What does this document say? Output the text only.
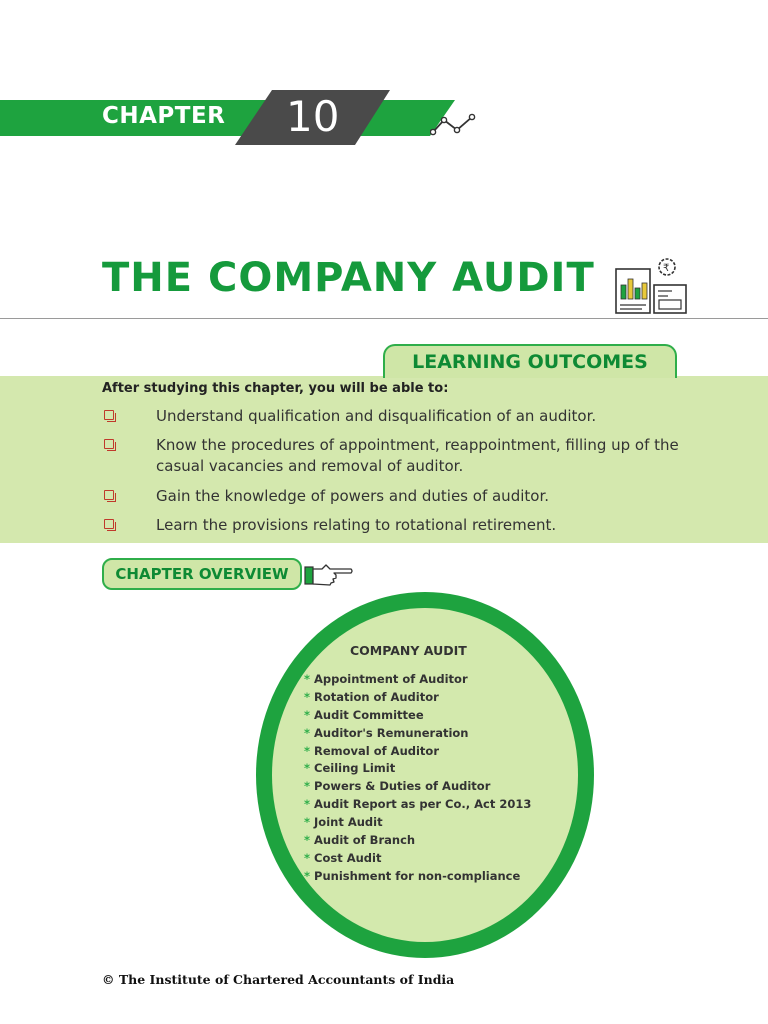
CHAPTER 10
THE COMPANY AUDIT	₹
LEARNING OUTCOMES
After studying this chapter, you will be able to:
Understand qualification and disqualification of an auditor.
Know the procedures of appointment, reappointment, filling up of the casual vacancies and removal of auditor.
Gain the knowledge of powers and duties of auditor.
Learn the provisions relating to rotational retirement.
CHAPTER OVERVIEW
COMPANY AUDIT
* Appointment of Auditor
* Rotation of Auditor
* Audit Committee
* Auditor's Remuneration
* Removal of Auditor
* Ceiling Limit
* Powers & Duties of Auditor
* Audit Report as per Co., Act 2013
* Joint Audit
* Audit of Branch
* Cost Audit
* Punishment for non-compliance
© The Institute of Chartered Accountants of India
